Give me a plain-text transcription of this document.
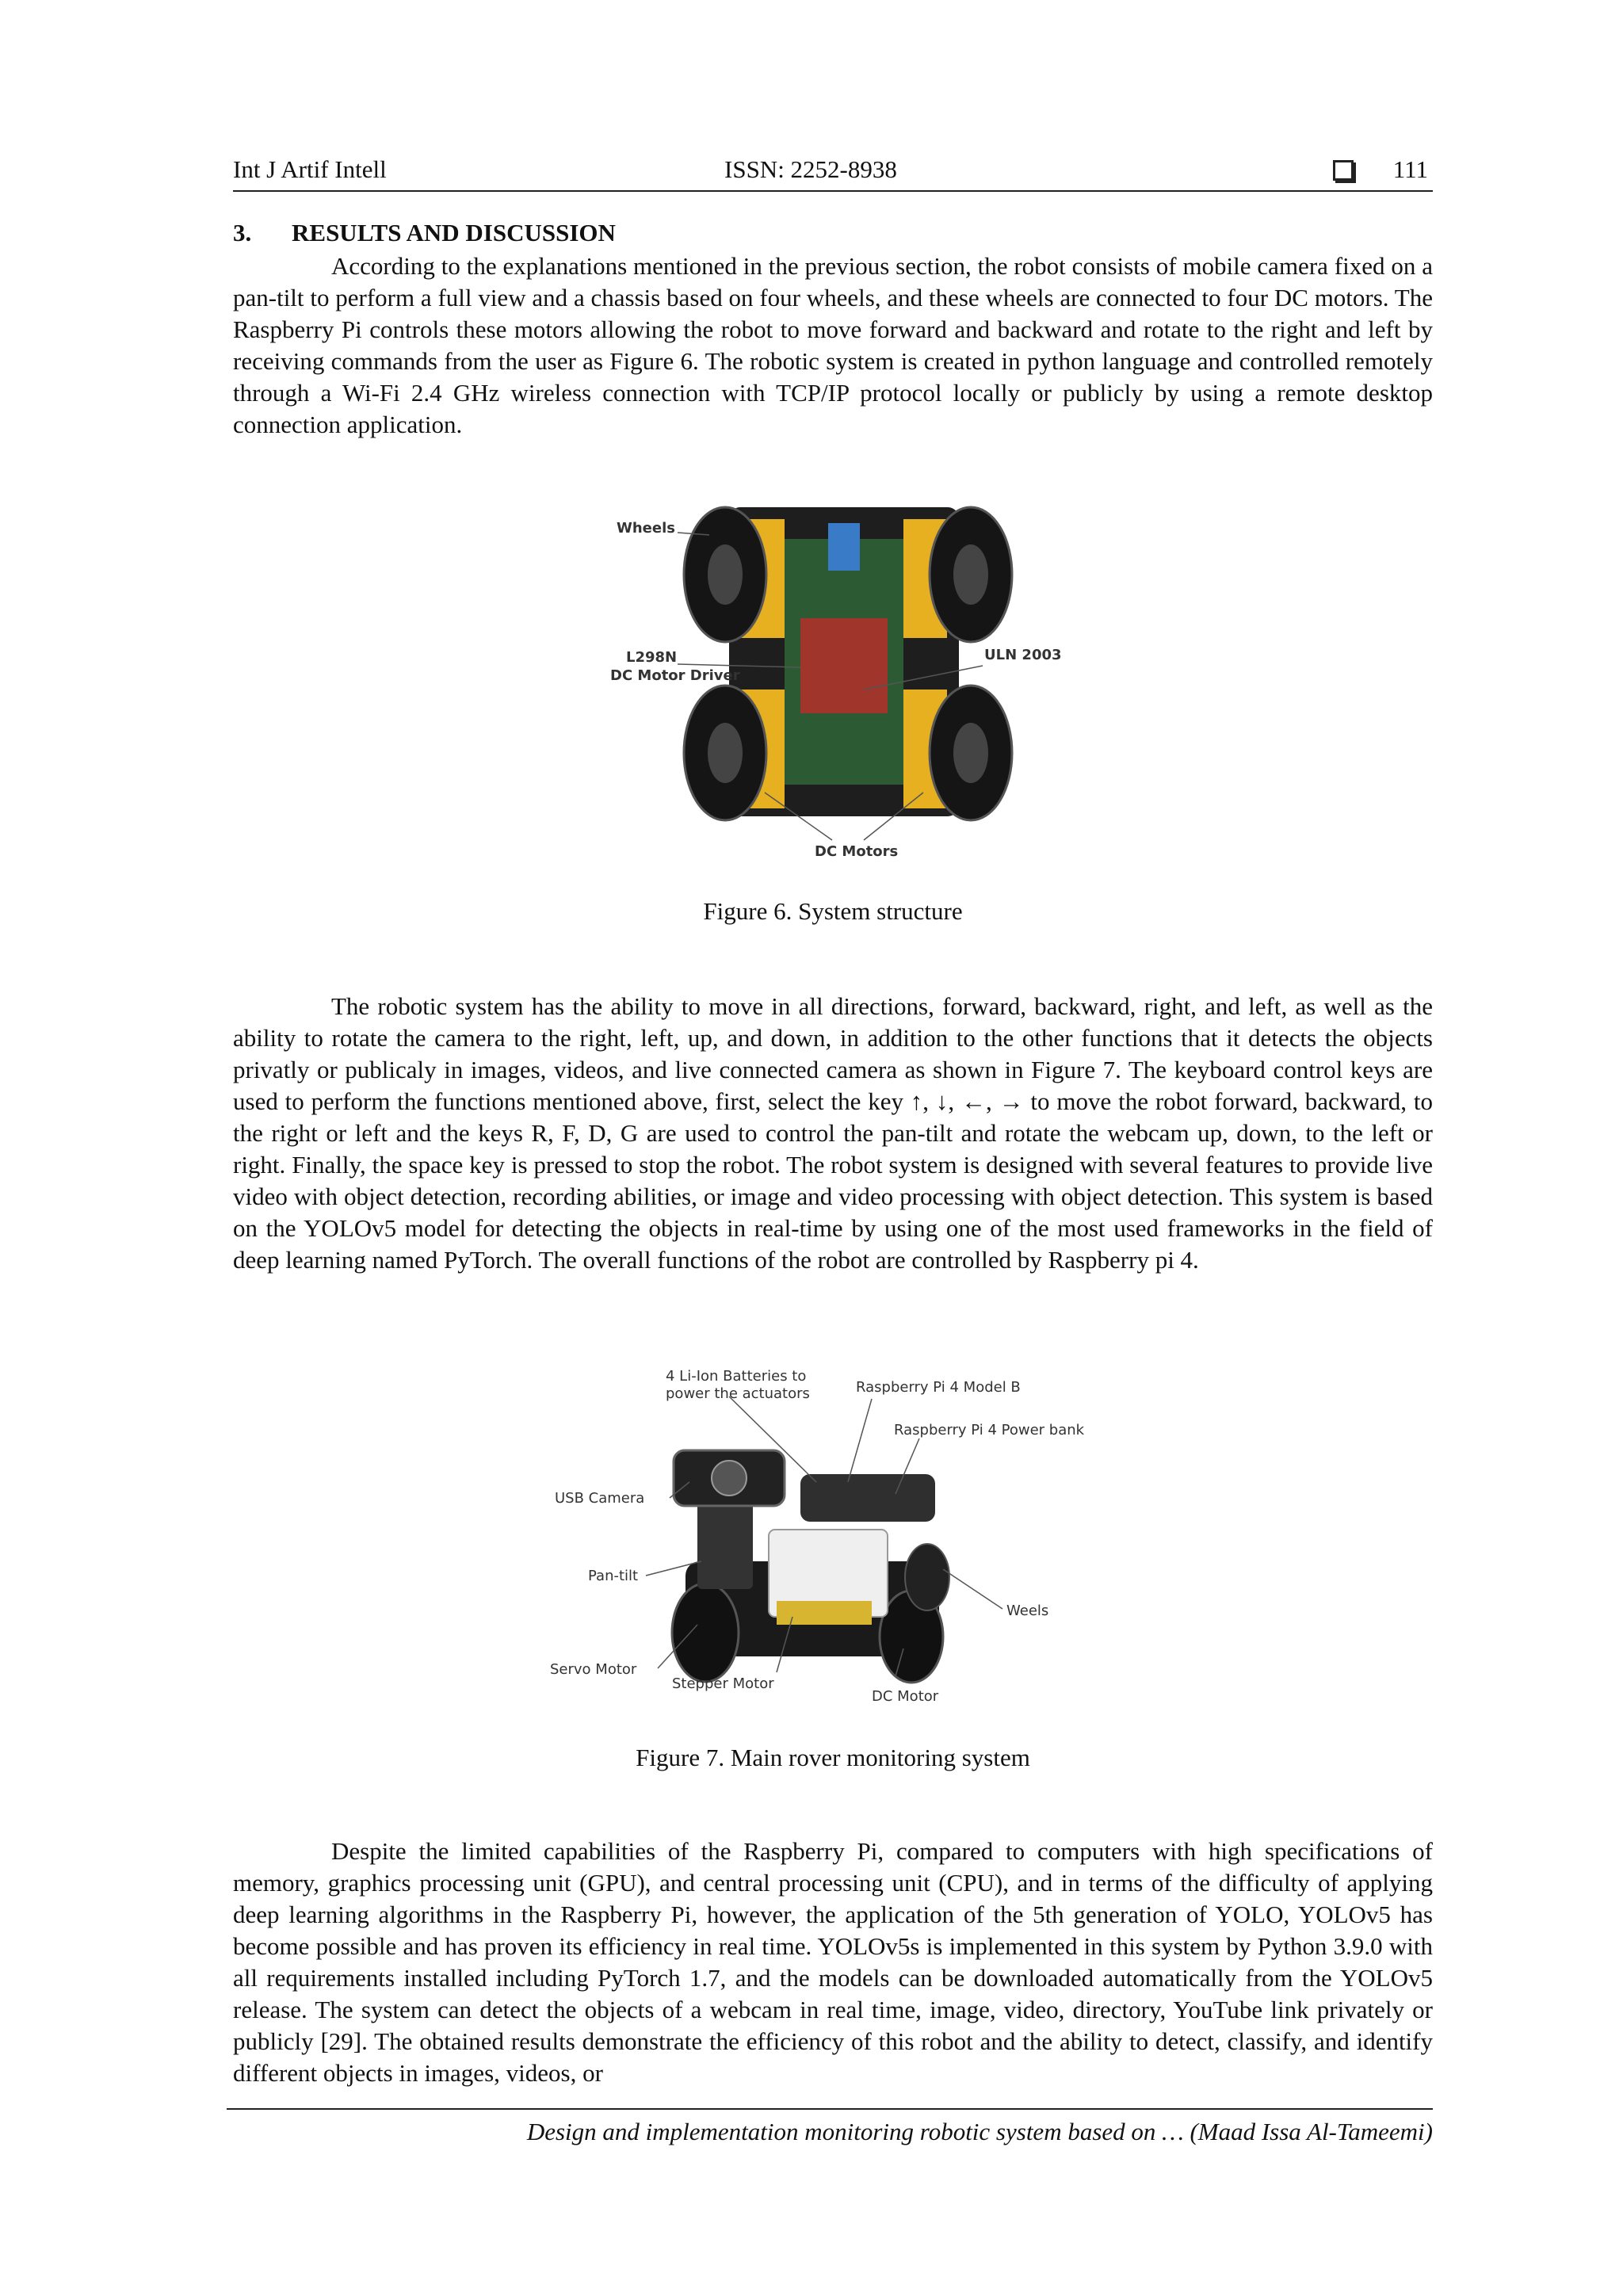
Int J Artif Intell	ISSN: 2252-8938	111
3. RESULTS AND DISCUSSION

According to the explanations mentioned in the previous section, the robot consists of mobile camera fixed on a pan-tilt to perform a full view and a chassis based on four wheels, and these wheels are connected to four DC motors. The Raspberry Pi controls these motors allowing the robot to move forward and backward and rotate to the right and left by receiving commands from the user as Figure 6. The robotic system is created in python language and controlled remotely through a Wi-Fi 2.4 GHz wireless connection with TCP/IP protocol locally or publicly by using a remote desktop connection application.

Wheels
L298N
DC Motor Driver
ULN 2003
DC Motors
Figure 6. System structure

The robotic system has the ability to move in all directions, forward, backward, right, and left, as well as the ability to rotate the camera to the right, left, up, and down, in addition to the other functions that it detects the objects privatly or publicaly in images, videos, and live connected camera as shown in Figure 7. The keyboard control keys are used to perform the functions mentioned above, first, select the key ↑, ↓, ←, → to move the robot forward, backward, to the right or left and the keys R, F, D, G are used to control the pan-tilt and rotate the webcam up, down, to the left or right. Finally, the space key is pressed to stop the robot. The robot system is designed with several features to provide live video with object detection, recording abilities, or image and video processing with object detection. This system is based on the YOLOv5 model for detecting the objects in real-time by using one of the most used frameworks in the field of deep learning named PyTorch. The overall functions of the robot are controlled by Raspberry pi 4.

4 Li-Ion Batteries to
power the actuators	Raspberry Pi 4 Model B
Raspberry Pi 4 Power bank
USB Camera
Pan-tilt
Weels
Servo Motor
Stepper Motor
DC Motor
Figure 7. Main rover monitoring system

Despite the limited capabilities of the Raspberry Pi, compared to computers with high specifications of memory, graphics processing unit (GPU), and central processing unit (CPU), and in terms of the difficulty of applying deep learning algorithms in the Raspberry Pi, however, the application of the 5th generation of YOLO, YOLOv5 has become possible and has proven its efficiency in real time. YOLOv5s is implemented in this system by Python 3.9.0 with all requirements installed including PyTorch 1.7, and the models can be downloaded automatically from the YOLOv5 release. The system can detect the objects of a webcam in real time, image, video, directory, YouTube link privately or publicly [29]. The obtained results demonstrate the efficiency of this robot and the ability to detect, classify, and identify different objects in images, videos, or

Design and implementation monitoring robotic system based on … (Maad Issa Al-Tameemi)
